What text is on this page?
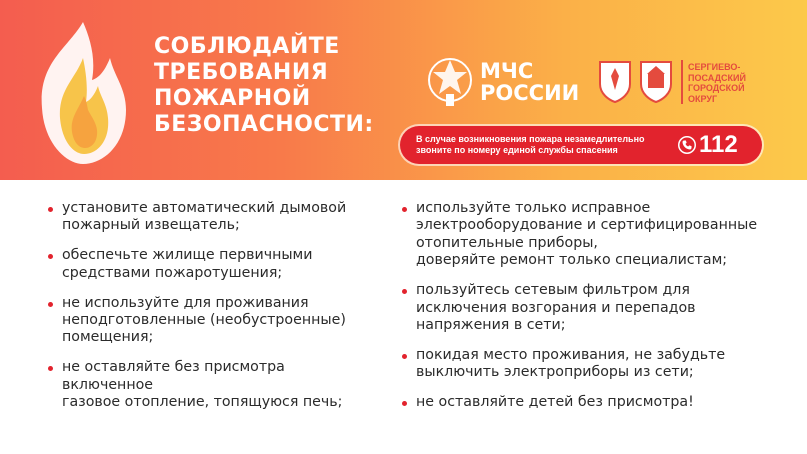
СОБЛЮДАЙТЕ
ТРЕБОВАНИЯ
ПОЖАРНОЙ
БЕЗОПАСНОСТИ:
МЧС
РОССИИ
СЕРГИЕВО-
ПОСАДСКИЙ
ГОРОДСКОЙ
ОКРУГ
В случае возникновения пожара незамедлительно
звоните по номеру единой службы спасения	112
установите автоматический дымовой
пожарный извещатель;
обеспечьте жилище первичными
средствами пожаротушения;
не используйте для проживания
неподготовленные (необустроенные)
помещения;
не оставляйте без присмотра включенное
газовое отопление, топящуюся печь;
используйте только исправное
электрооборудование и сертифицированные
отопительные приборы,
доверяйте ремонт только специалистам;
пользуйтесь сетевым фильтром для
исключения возгорания и перепадов
напряжения в сети;
покидая место проживания, не забудьте
выключить электроприборы из сети;
не оставляйте детей без присмотра!
